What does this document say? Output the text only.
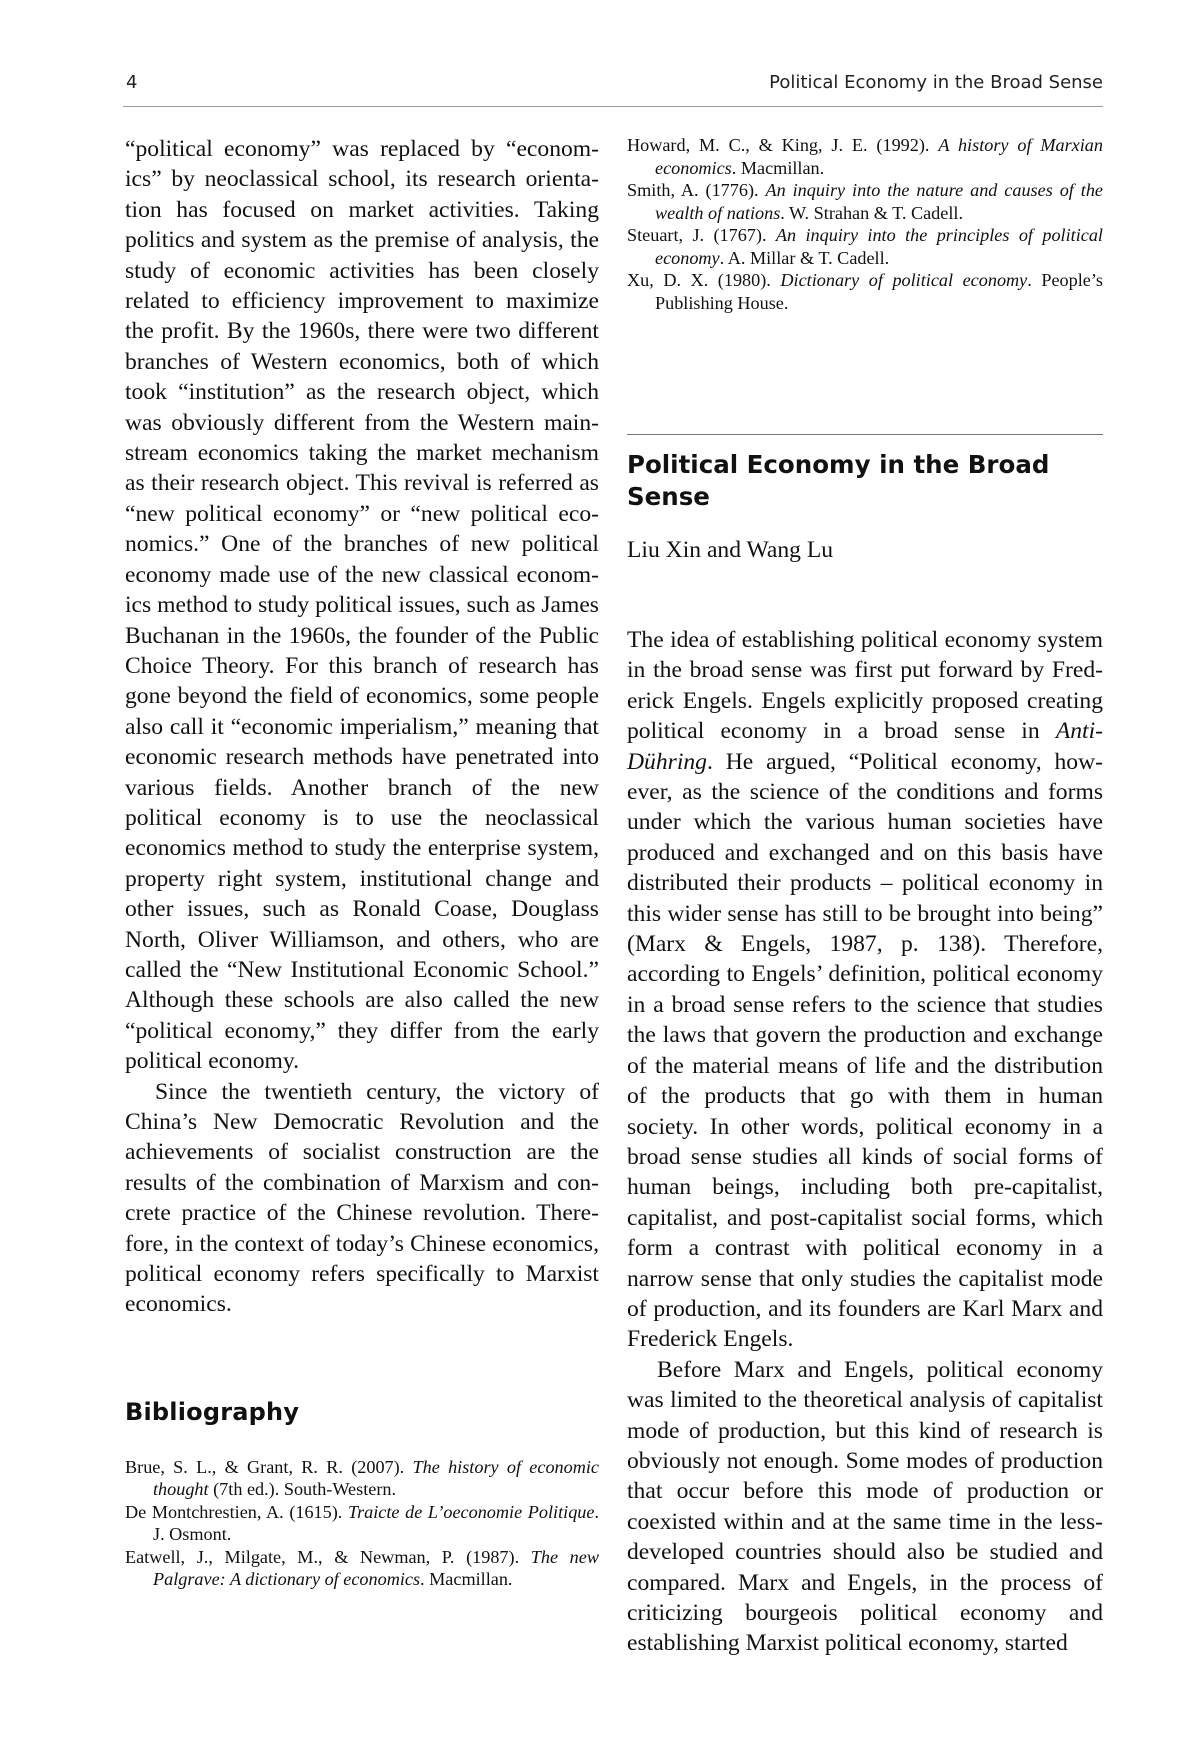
4	Political Economy in the Broad Sense

“political economy” was replaced by “economics” by neoclassical school, its research orientation has focused on market activities. Taking politics and system as the premise of analysis, the study of economic activities has been closely related to efficiency improvement to maximize the profit. By the 1960s, there were two different branches of Western economics, both of which took “institution” as the research object, which was obviously different from the Western mainstream economics taking the market mechanism as their research object. This revival is referred as “new political economy” or “new political economics.” One of the branches of new political economy made use of the new classical economics method to study political issues, such as James Buchanan in the 1960s, the founder of the Public Choice Theory. For this branch of research has gone beyond the field of economics, some people also call it “economic imperialism,” meaning that economic research methods have penetrated into various fields. Another branch of the new political economy is to use the neoclassical economics method to study the enterprise system, property right system, institutional change and other issues, such as Ronald Coase, Douglass North, Oliver Williamson, and others, who are called the “New Institutional Economic School.” Although these schools are also called the new “political economy,” they differ from the early political economy.

Since the twentieth century, the victory of China’s New Democratic Revolution and the achievements of socialist construction are the results of the combination of Marxism and concrete practice of the Chinese revolution. Therefore, in the context of today’s Chinese economics, political economy refers specifically to Marxist economics.

Bibliography
Brue, S. L., & Grant, R. R. (2007). The history of economic thought (7th ed.). South-Western.
De Montchrestien, A. (1615). Traicte de L’oeconomie Politique. J. Osmont.
Eatwell, J., Milgate, M., & Newman, P. (1987). The new Palgrave: A dictionary of economics. Macmillan.
Howard, M. C., & King, J. E. (1992). A history of Marxian economics. Macmillan.
Smith, A. (1776). An inquiry into the nature and causes of the wealth of nations. W. Strahan & T. Cadell.
Steuart, J. (1767). An inquiry into the principles of political economy. A. Millar & T. Cadell.
Xu, D. X. (1980). Dictionary of political economy. People’s Publishing House.
Political Economy in the Broad Sense
Liu Xin and Wang Lu

The idea of establishing political economy system in the broad sense was first put forward by Frederick Engels. Engels explicitly proposed creating political economy in a broad sense in Anti-Dühring. He argued, “Political economy, however, as the science of the conditions and forms under which the various human societies have produced and exchanged and on this basis have distributed their products – political economy in this wider sense has still to be brought into being” (Marx & Engels, 1987, p. 138). Therefore, according to Engels’ definition, political economy in a broad sense refers to the science that studies the laws that govern the production and exchange of the material means of life and the distribution of the products that go with them in human society. In other words, political economy in a broad sense studies all kinds of social forms of human beings, including both pre-capitalist, capitalist, and post-capitalist social forms, which form a contrast with political economy in a narrow sense that only studies the capitalist mode of production, and its founders are Karl Marx and Frederick Engels.

Before Marx and Engels, political economy was limited to the theoretical analysis of capitalist mode of production, but this kind of research is obviously not enough. Some modes of production that occur before this mode of production or coexisted within and at the same time in the less-developed countries should also be studied and compared. Marx and Engels, in the process of criticizing bourgeois political economy and establishing Marxist political economy, started
